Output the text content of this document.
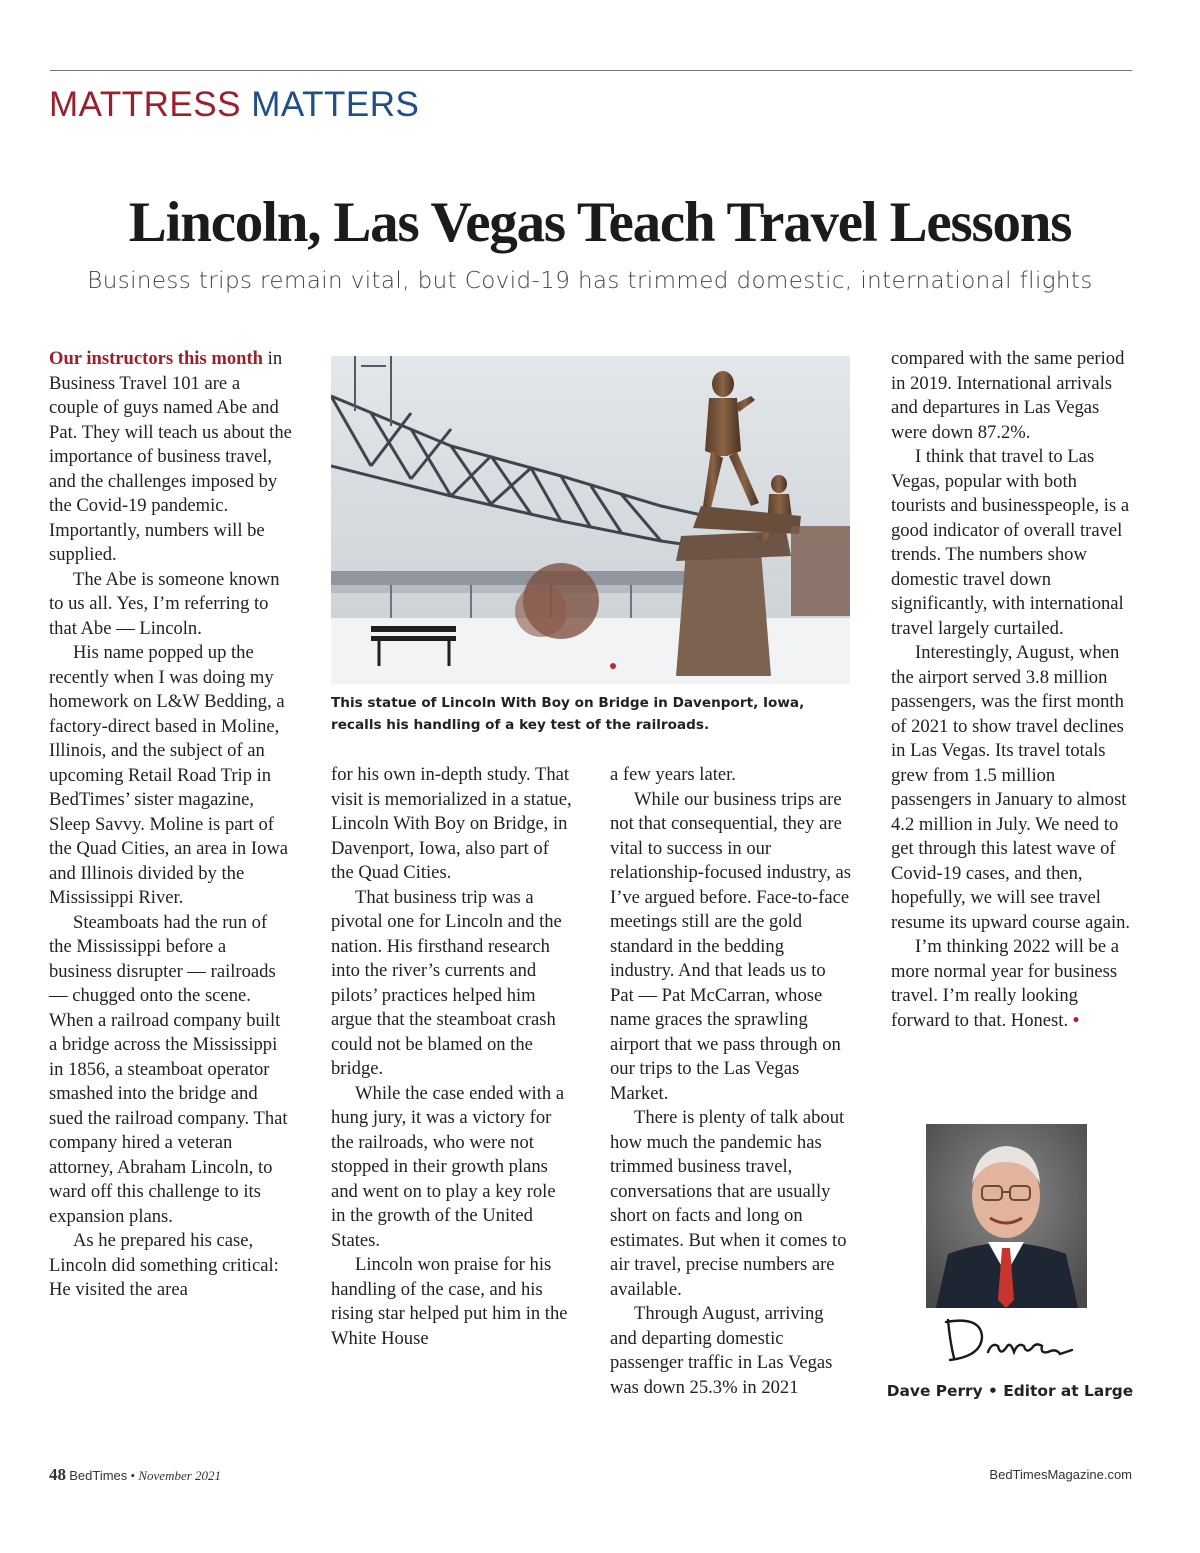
MATTRESS MATTERS
Lincoln, Las Vegas Teach Travel Lessons
Business trips remain vital, but Covid-19 has trimmed domestic, international flights

Our instructors this month in Business Travel 101 are a couple of guys named Abe and Pat. They will teach us about the importance of business travel, and the challenges imposed by the Covid-19 pandemic. Importantly, numbers will be supplied.

The Abe is someone known to us all. Yes, I’m referring to that Abe — Lincoln.

His name popped up the recently when I was doing my homework on L&W Bedding, a factory-direct based in Moline, Illinois, and the subject of an upcoming Retail Road Trip in BedTimes’ sister magazine, Sleep Savvy. Moline is part of the Quad Cities, an area in Iowa and Illinois divided by the Mississippi River.

Steamboats had the run of the Mississippi before a business disrupter — railroads — chugged onto the scene. When a railroad company built a bridge across the Mississippi in 1856, a steamboat operator smashed into the bridge and sued the railroad company. That company hired a veteran attorney, Abraham Lincoln, to ward off this challenge to its expansion plans.

As he prepared his case, Lincoln did something critical: He visited the area

This statue of Lincoln With Boy on Bridge in Davenport, Iowa, recalls his handling of a key test of the railroads.

for his own in-depth study. That visit is memorialized in a statue, Lincoln With Boy on Bridge, in Davenport, Iowa, also part of the Quad Cities.

That business trip was a pivotal one for Lincoln and the nation. His firsthand research into the river’s currents and pilots’ practices helped him argue that the steamboat crash could not be blamed on the bridge.

While the case ended with a hung jury, it was a victory for the railroads, who were not stopped in their growth plans and went on to play a key role in the growth of the United States.

Lincoln won praise for his handling of the case, and his rising star helped put him in the White House

a few years later.

While our business trips are not that consequential, they are vital to success in our relationship-focused industry, as I’ve argued before. Face-to-face meetings still are the gold standard in the bedding industry. And that leads us to Pat — Pat McCarran, whose name graces the sprawling airport that we pass through on our trips to the Las Vegas Market.

There is plenty of talk about how much the pandemic has trimmed business travel, conversations that are usually short on facts and long on estimates. But when it comes to air travel, precise numbers are available.

Through August, arriving and departing domestic passenger traffic in Las Vegas was down 25.3% in 2021

compared with the same period in 2019. International arrivals and departures in Las Vegas were down 87.2%.

I think that travel to Las Vegas, popular with both tourists and businesspeople, is a good indicator of overall travel trends. The numbers show domestic travel down significantly, with international travel largely curtailed.

Interestingly, August, when the airport served 3.8 million passengers, was the first month of 2021 to show travel declines in Las Vegas. Its travel totals grew from 1.5 million passengers in January to almost 4.2 million in July. We need to get through this latest wave of Covid-19 cases, and then, hopefully, we will see travel resume its upward course again.

I’m thinking 2022 will be a more normal year for business travel. I’m really looking forward to that. Honest. •

Dave Perry • Editor at Large
48 BedTimes • November 2021	BedTimesMagazine.com
